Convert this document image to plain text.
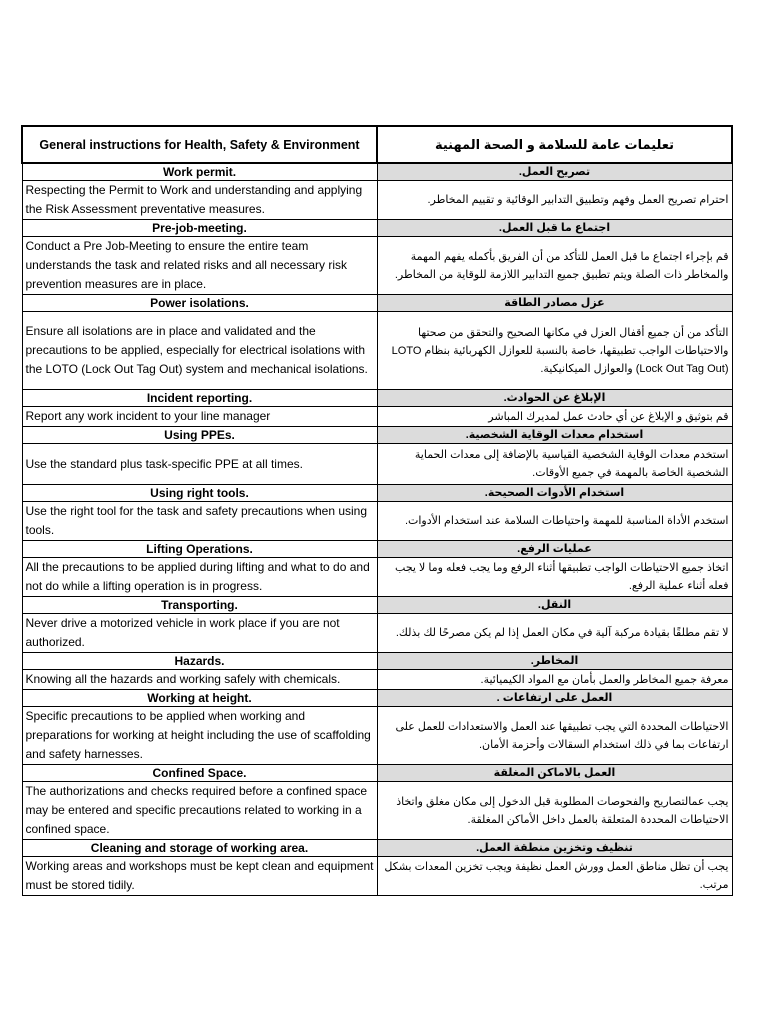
General instructions for Health, Safety & Environment	تعليمات عامة للسلامة و الصحة المهنية
Work permit.	تصريح العمل.
Respecting the Permit to Work and understanding and applying the Risk Assessment preventative measures.	احترام تصريح العمل وفهم وتطبيق التدابير الوقائية و تقييم المخاطر.
Pre-job-meeting.	اجتماع ما قبل العمل.
Conduct a Pre Job-Meeting to ensure the entire team understands the task and related risks and all necessary risk prevention measures are in place.	قم بإجراء اجتماع ما قبل العمل للتأكد من أن الفريق بأكمله يفهم المهمة والمخاطر ذات الصلة ويتم تطبيق جميع التدابير اللازمة للوقاية من المخاطر.
Power isolations.	عزل مصادر الطاقة
Ensure all isolations are in place and validated and the precautions to be applied, especially for electrical isolations with the LOTO (Lock Out Tag Out) system and mechanical isolations.	التأكد من أن جميع أقفال العزل في مكانها الصحيح والتحقق من صحتها والاحتياطات الواجب تطبيقها، خاصة بالنسبة للعوازل الكهربائية بنظام LOTO (Lock Out Tag Out) والعوازل الميكانيكية.
Incident reporting.	الإبلاغ عن الحوادث.
Report any work incident to your line manager	قم بتوثيق و الإبلاغ عن أي حادث عمل لمديرك المباشر
Using PPEs.	استخدام معدات الوقاية الشخصية.
Use the standard plus task-specific PPE at all times.	استخدم معدات الوقاية الشخصية القياسية بالإضافة إلى معدات الحماية الشخصية الخاصة بالمهمة في جميع الأوقات.
Using right tools.	استخدام الأدوات الصحيحة.
Use the right tool for the task and safety precautions when using tools.	استخدم الأداة المناسبة للمهمة واحتياطات السلامة عند استخدام الأدوات.
Lifting Operations.	عمليات الرفع.
All the precautions to be applied during lifting and what to do and not do while a lifting operation is in progress.	اتخاذ جميع الاحتياطات الواجب تطبيقها أثناء الرفع وما يجب فعله وما لا يجب فعله أثناء عملية الرفع.
Transporting.	النقل.
Never drive a motorized vehicle in work place if you are not authorized.	لا تقم مطلقًا بقيادة مركبة آلية في مكان العمل إذا لم يكن مصرحًا لك بذلك.
Hazards.	المخاطر.
Knowing all the hazards and working safely with chemicals.	معرفة جميع المخاطر والعمل بأمان مع المواد الكيميائية.
Working at height.	العمل على ارتفاعات .
Specific precautions to be applied when working and preparations for working at height including the use of scaffolding and safety harnesses.	الاحتياطات المحددة التي يجب تطبيقها عند العمل والاستعدادات للعمل على ارتفاعات بما في ذلك استخدام السقالات وأحزمة الأمان.
Confined Space.	العمل بالاماكن المغلقة
The authorizations and checks required before a confined space may be entered and specific precautions related to working in a confined space.	يجب عمالتصاريح والفحوصات المطلوبة قبل الدخول إلى مكان مغلق واتخاذ الاحتياطات المحددة المتعلقة بالعمل داخل الأماكن المغلقة.
Cleaning and storage of working area.	تنظيف وتخزين منطقة العمل.
Working areas and workshops must be kept clean and equipment must be stored tidily.	يجب أن تظل مناطق العمل وورش العمل نظيفة ويجب تخزين المعدات بشكل مرتب.
